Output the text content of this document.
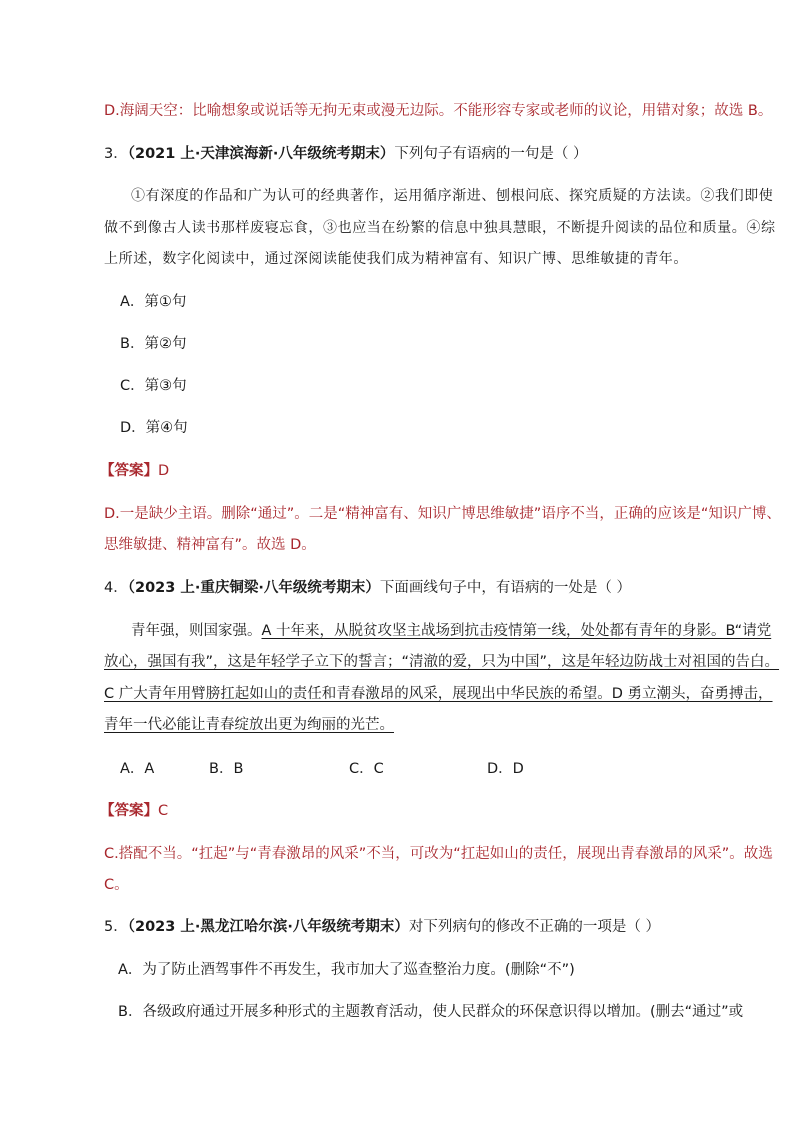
D.海阔天空：比喻想象或说话等无拘无束或漫无边际。不能形容专家或老师的议论，用错对象；故选 B。
3．（2021 上·天津滨海新·八年级统考期末）下列句子有语病的一句是（ ）
①有深度的作品和广为认可的经典著作，运用循序渐进、刨根问底、探究质疑的方法读。②我们即使
做不到像古人读书那样废寝忘食，③也应当在纷繁的信息中独具慧眼，不断提升阅读的品位和质量。④综
上所述，数字化阅读中，通过深阅读能使我们成为精神富有、知识广博、思维敏捷的青年。
A．第①句
B．第②句
C．第③句
D．第④句
【答案】D
D.一是缺少主语。删除“通过”。二是“精神富有、知识广博思维敏捷”语序不当，正确的应该是“知识广博、
思维敏捷、精神富有”。故选 D。
4．（2023 上·重庆铜梁·八年级统考期末）下面画线句子中，有语病的一处是（ ）
青年强，则国家强。A 十年来，从脱贫攻坚主战场到抗击疫情第一线，处处都有青年的身影。B“请党
放心，强国有我”，这是年轻学子立下的誓言；“清澈的爱，只为中国”，这是年轻边防战士对祖国的告白。
C 广大青年用臂膀扛起如山的责任和青春激昂的风采，展现出中华民族的希望。D 勇立潮头，奋勇搏击，
青年一代必能让青春绽放出更为绚丽的光芒。
A．A	B．B	C．C	D．D
【答案】C
C.搭配不当。“扛起”与“青春激昂的风采”不当，可改为“扛起如山的责任，展现出青春激昂的风采”。故选
C。
5．（2023 上·黑龙江哈尔滨·八年级统考期末）对下列病句的修改不正确的一项是（ ）
A．为了防止酒驾事件不再发生，我市加大了巡查整治力度。(删除“不”)
B．各级政府通过开展多种形式的主题教育活动，使人民群众的环保意识得以增加。(删去“通过”或
